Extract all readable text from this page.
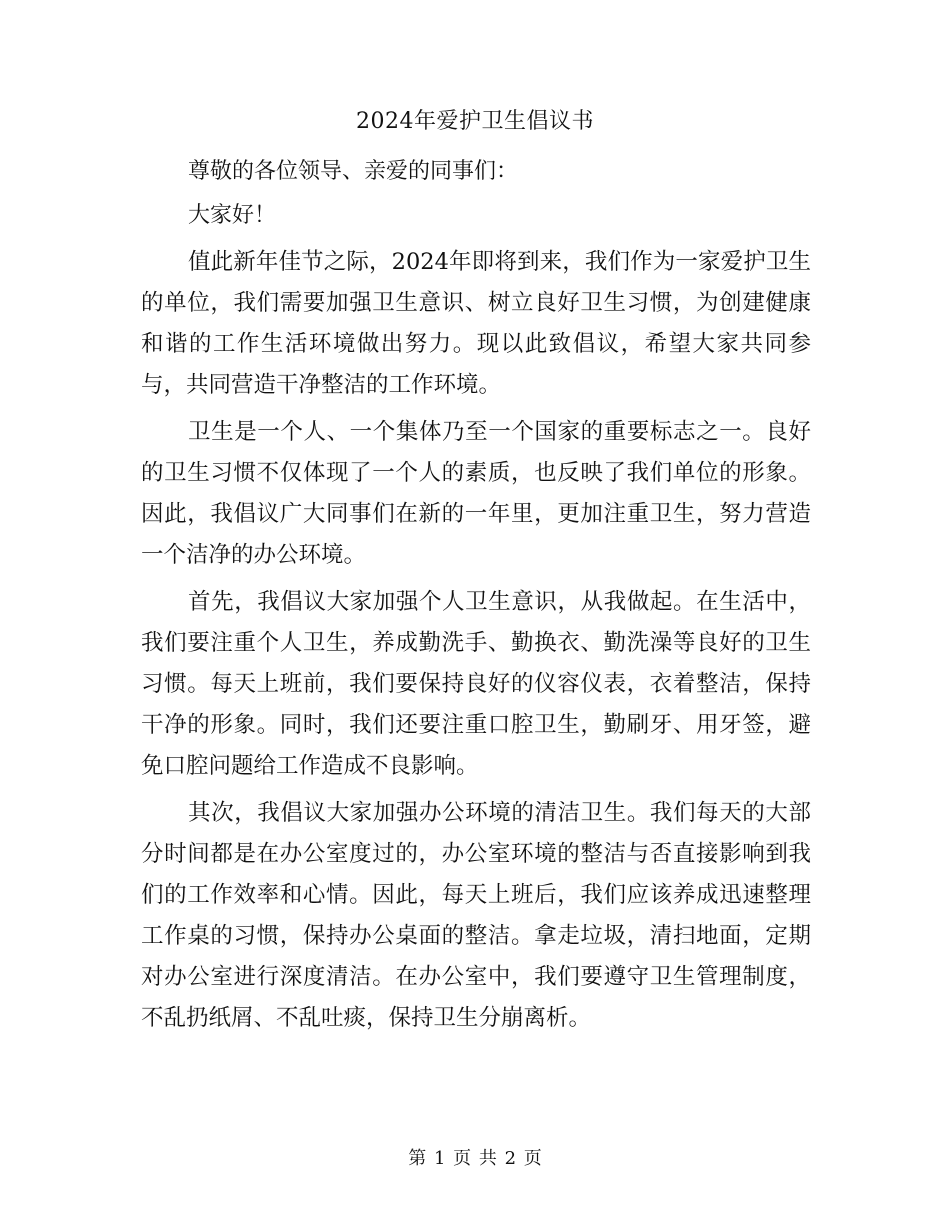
2024年爱护卫生倡议书
尊敬的各位领导、亲爱的同事们：
大家好！

值此新年佳节之际，2024年即将到来，我们作为一家爱护卫生的单位，我们需要加强卫生意识、树立良好卫生习惯，为创建健康和谐的工作生活环境做出努力。现以此致倡议，希望大家共同参与，共同营造干净整洁的工作环境。

卫生是一个人、一个集体乃至一个国家的重要标志之一。良好的卫生习惯不仅体现了一个人的素质，也反映了我们单位的形象。因此，我倡议广大同事们在新的一年里，更加注重卫生，努力营造一个洁净的办公环境。

首先，我倡议大家加强个人卫生意识，从我做起。在生活中，我们要注重个人卫生，养成勤洗手、勤换衣、勤洗澡等良好的卫生习惯。每天上班前，我们要保持良好的仪容仪表，衣着整洁，保持干净的形象。同时，我们还要注重口腔卫生，勤刷牙、用牙签，避免口腔问题给工作造成不良影响。

其次，我倡议大家加强办公环境的清洁卫生。我们每天的大部分时间都是在办公室度过的，办公室环境的整洁与否直接影响到我们的工作效率和心情。因此，每天上班后，我们应该养成迅速整理工作桌的习惯，保持办公桌面的整洁。拿走垃圾，清扫地面，定期对办公室进行深度清洁。在办公室中，我们要遵守卫生管理制度，不乱扔纸屑、不乱吐痰，保持卫生分崩离析。

第 1 页 共 2 页
